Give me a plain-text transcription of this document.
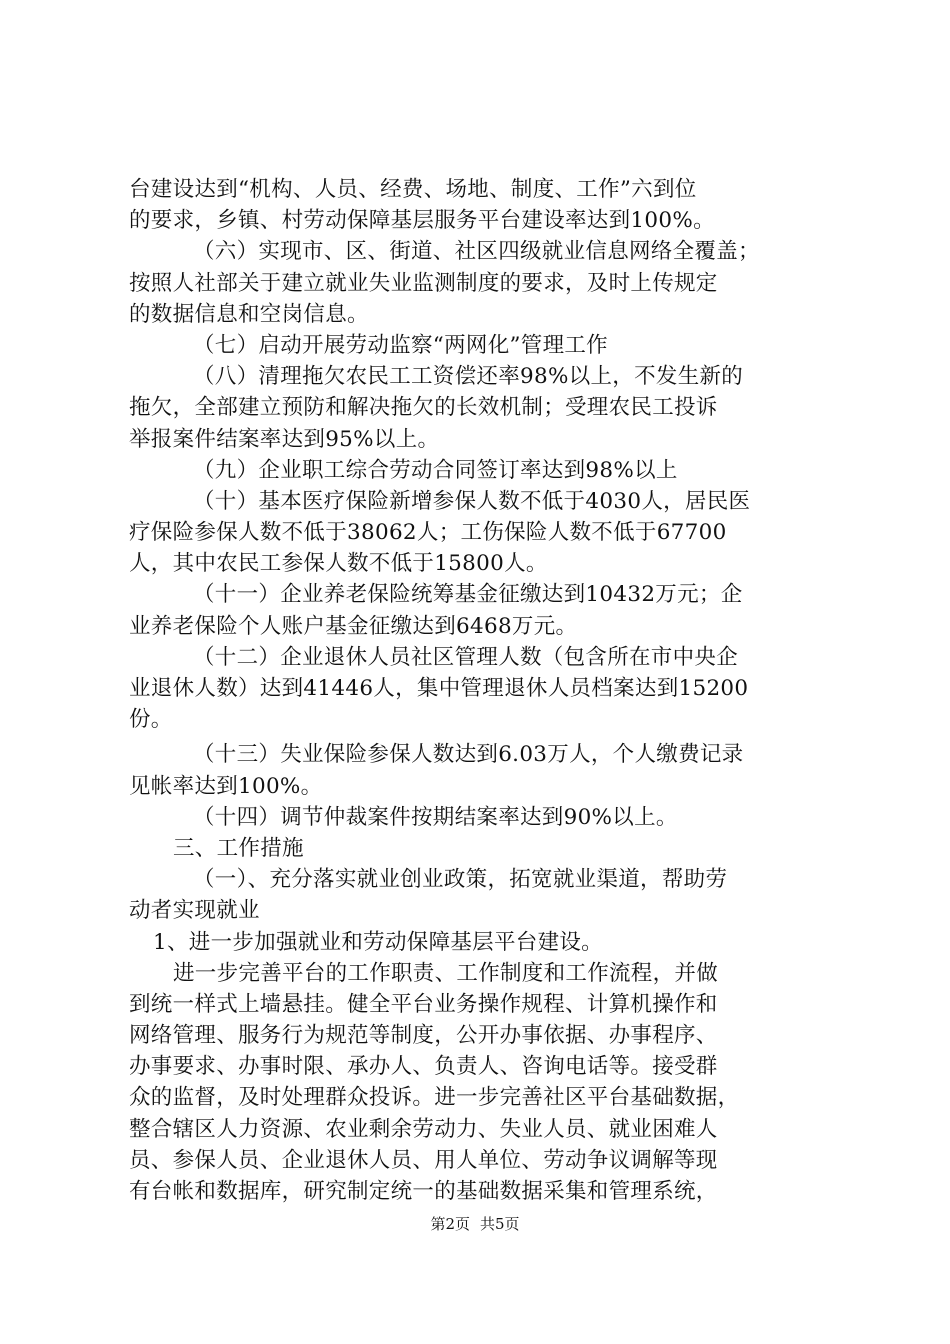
台建设达到“机构、人员、经费、场地、制度、工作”六到位
的要求，乡镇、村劳动保障基层服务平台建设率达到100%。
（六）实现市、区、街道、社区四级就业信息网络全覆盖；
按照人社部关于建立就业失业监测制度的要求，及时上传规定
的数据信息和空岗信息。
（七）启动开展劳动监察“两网化”管理工作
（八）清理拖欠农民工工资偿还率98%以上，不发生新的
拖欠，全部建立预防和解决拖欠的长效机制；受理农民工投诉
举报案件结案率达到95%以上。
（九）企业职工综合劳动合同签订率达到98%以上
（十）基本医疗保险新增参保人数不低于4030人，居民医
疗保险参保人数不低于38062人；工伤保险人数不低于67700
人，其中农民工参保人数不低于15800人。
（十一）企业养老保险统筹基金征缴达到10432万元；企
业养老保险个人账户基金征缴达到6468万元。
（十二）企业退休人员社区管理人数（包含所在市中央企
业退休人数）达到41446人，集中管理退休人员档案达到15200
份。
（十三）失业保险参保人数达到6.03万人，个人缴费记录
见帐率达到100%。
（十四）调节仲裁案件按期结案率达到90%以上。
三、工作措施
（一）、充分落实就业创业政策，拓宽就业渠道，帮助劳
动者实现就业
1、进一步加强就业和劳动保障基层平台建设。
进一步完善平台的工作职责、工作制度和工作流程，并做
到统一样式上墙悬挂。健全平台业务操作规程、计算机操作和
网络管理、服务行为规范等制度，公开办事依据、办事程序、
办事要求、办事时限、承办人、负责人、咨询电话等。接受群
众的监督，及时处理群众投诉。进一步完善社区平台基础数据，
整合辖区人力资源、农业剩余劳动力、失业人员、就业困难人
员、参保人员、企业退休人员、用人单位、劳动争议调解等现
有台帐和数据库，研究制定统一的基础数据采集和管理系统，
第2页 共5页
